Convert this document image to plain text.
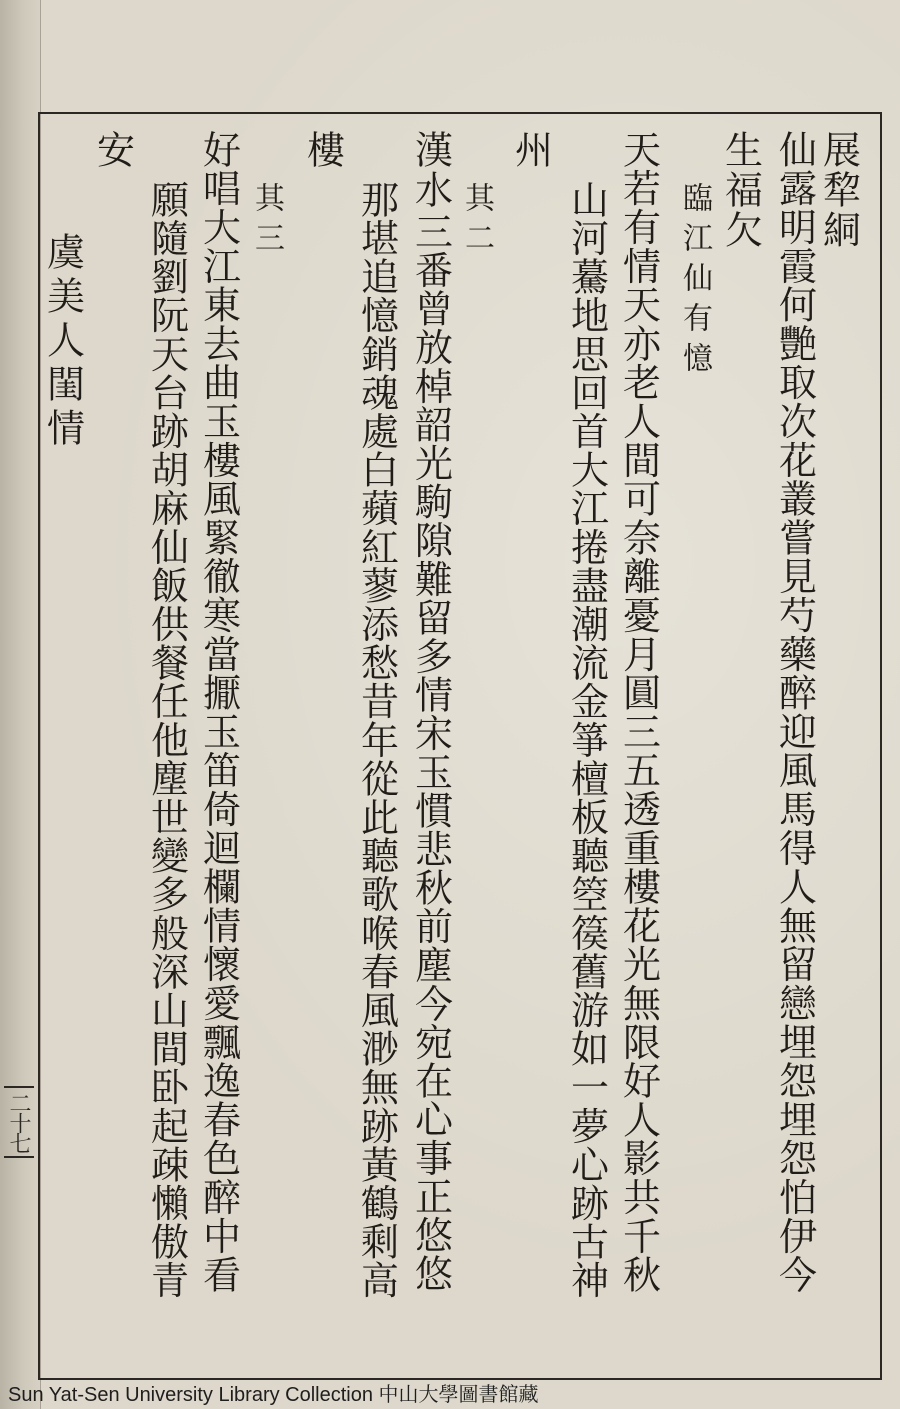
二十七
展犂絧
仙露明霞何艷取次花叢嘗見芍藥醉迎風馬得人無留戀埋怨埋怨怕伊今
生福欠
臨江仙有憶
天若有情天亦老人間可奈離憂月圓三五透重樓花光無限好人影共千秋
山河驀地思回首大江捲盡潮流金箏檀板聽箜篌舊游如一夢心跡古神
州
漢水
其二
三番曾放棹韶光駒隙難留多情宋玉慣悲秋前塵今宛在心事正悠悠
那堪追憶銷魂處白蘋紅蓼添愁昔年從此聽歌喉春風渺無跡黃鶴剩高
樓
其三
好唱大江東去曲玉樓風緊徹寒當擫玉笛倚迴欄情懷愛飄逸春色醉中看
願隨劉阮天台跡胡麻仙飯供餐任他塵世變多般深山間卧起疎懶傲青
安
虞美人閨情
Sun Yat-Sen University Library Collection 中山大學圖書館藏
